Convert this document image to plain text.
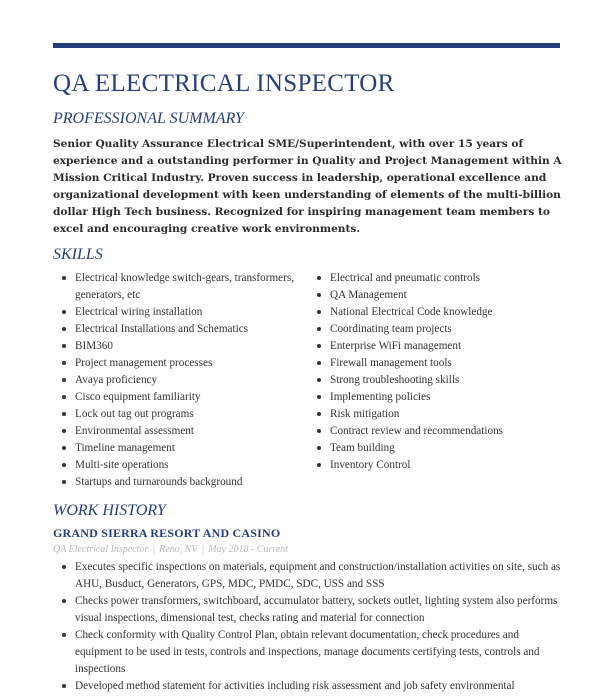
QA ELECTRICAL INSPECTOR
PROFESSIONAL SUMMARY
Senior Quality Assurance Electrical SME/Superintendent, with over 15 years of experience and a outstanding performer in Quality and Project Management within A Mission Critical Industry. Proven success in leadership, operational excellence and organizational development with keen understanding of elements of the multi-billion dollar High Tech business. Recognized for inspiring management team members to excel and encouraging creative work environments.
SKILLS
Electrical knowledge switch-gears, transformers, generators, etc
Electrical wiring installation
Electrical Installations and Schematics
BIM360
Project management processes
Avaya proficiency
Cisco equipment familiarity
Lock out tag out programs
Environmental assessment
Timeline management
Multi-site operations
Startups and turnarounds background
Electrical and pneumatic controls
QA Management
National Electrical Code knowledge
Coordinating team projects
Enterprise WiFi management
Firewall management tools
Strong troubleshooting skills
Implementing policies
Risk mitigation
Contract review and recommendations
Team building
Inventory Control
WORK HISTORY
GRAND SIERRA RESORT AND CASINO
QA Electrical Inspector | Reno, NV | May 2018 - Current
Executes specific inspections on materials, equipment and construction/installation activities on site, such as AHU, Busduct, Generators, GPS, MDC, PMDC, SDC, USS and SSS
Checks power transformers, switchboard, accumulator battery, sockets outlet, lighting system also performs visual inspections, dimensional test, checks rating and material for connection
Check conformity with Quality Control Plan, obtain relevant documentation, check procedures and equipment to be used in tests, controls and inspections, manage documents certifying tests, controls and inspections
Developed method statement for activities including risk assessment and job safety environmental
